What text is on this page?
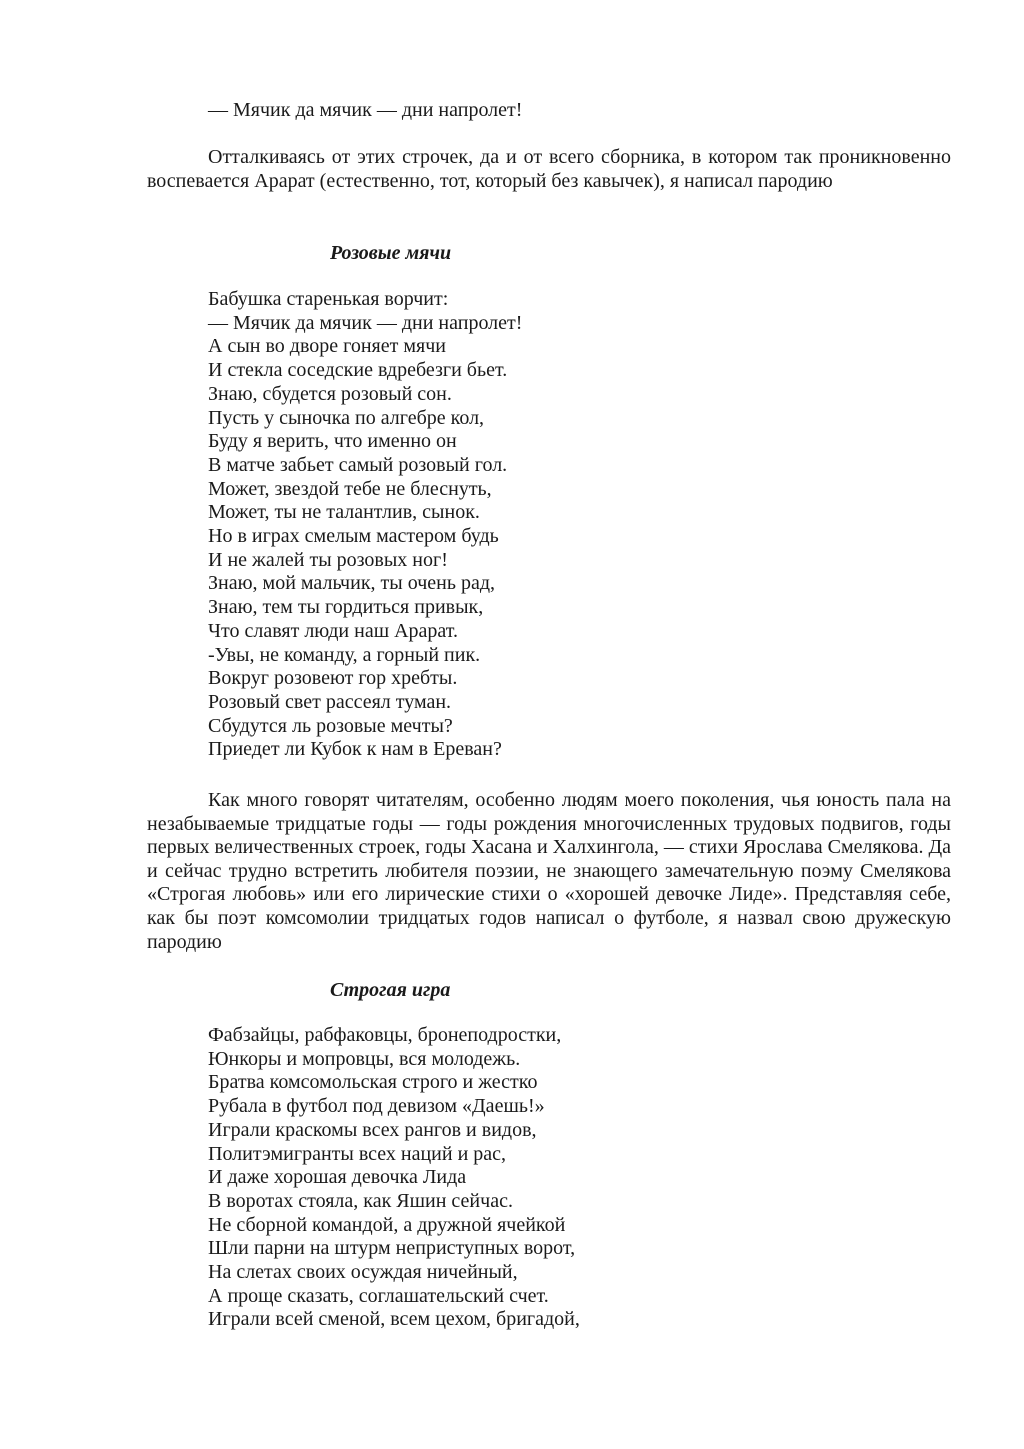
— Мячик да мячик — дни напролет!
Отталкиваясь от этих строчек, да и от всего сборника, в котором так проникновенно воспевается Арарат (естественно, тот, который без кавычек), я написал пародию
Розовые мячи
Бабушка старенькая ворчит:
— Мячик да мячик — дни напролет!
А сын во дворе гоняет мячи
И стекла соседские вдребезги бьет.
Знаю, сбудется розовый сон.
Пусть у сыночка по алгебре кол,
Буду я верить, что именно он
В матче забьет самый розовый гол.
Может, звездой тебе не блеснуть,
Может, ты не талантлив, сынок.
Но в играх смелым мастером будь
И не жалей ты розовых ног!
Знаю, мой мальчик, ты очень рад,
Знаю, тем ты гордиться привык,
Что славят люди наш Арарат.
-Увы, не команду, а горный пик.
Вокруг розовеют гор хребты.
Розовый свет рассеял туман.
Сбудутся ль розовые мечты?
Приедет ли Кубок к нам в Ереван?
Как много говорят читателям, особенно людям моего поколения, чья юность пала на незабываемые тридцатые годы — годы рождения многочисленных трудовых подвигов, годы первых величественных строек, годы Хасана и Халхингола, — стихи Ярослава Смелякова. Да и сейчас трудно встретить любителя поэзии, не знающего замечательную поэму Смелякова «Строгая любовь» или его лирические стихи о «хорошей девочке Лиде». Представляя себе, как бы поэт комсомолии тридцатых годов написал о футболе, я назвал свою дружескую пародию
Строгая игра
Фабзайцы, рабфаковцы, бронеподростки,
Юнкоры и мопровцы, вся молодежь.
Братва комсомольская строго и жестко
Рубала в футбол под девизом «Даешь!»
Играли краскомы всех рангов и видов,
Политэмигранты всех наций и рас,
И даже хорошая девочка Лида
В воротах стояла, как Яшин сейчас.
Не сборной командой, а дружной ячейкой
Шли парни на штурм неприступных ворот,
На слетах своих осуждая ничейный,
А проще сказать, соглашательский счет.
Играли всей сменой, всем цехом, бригадой,
